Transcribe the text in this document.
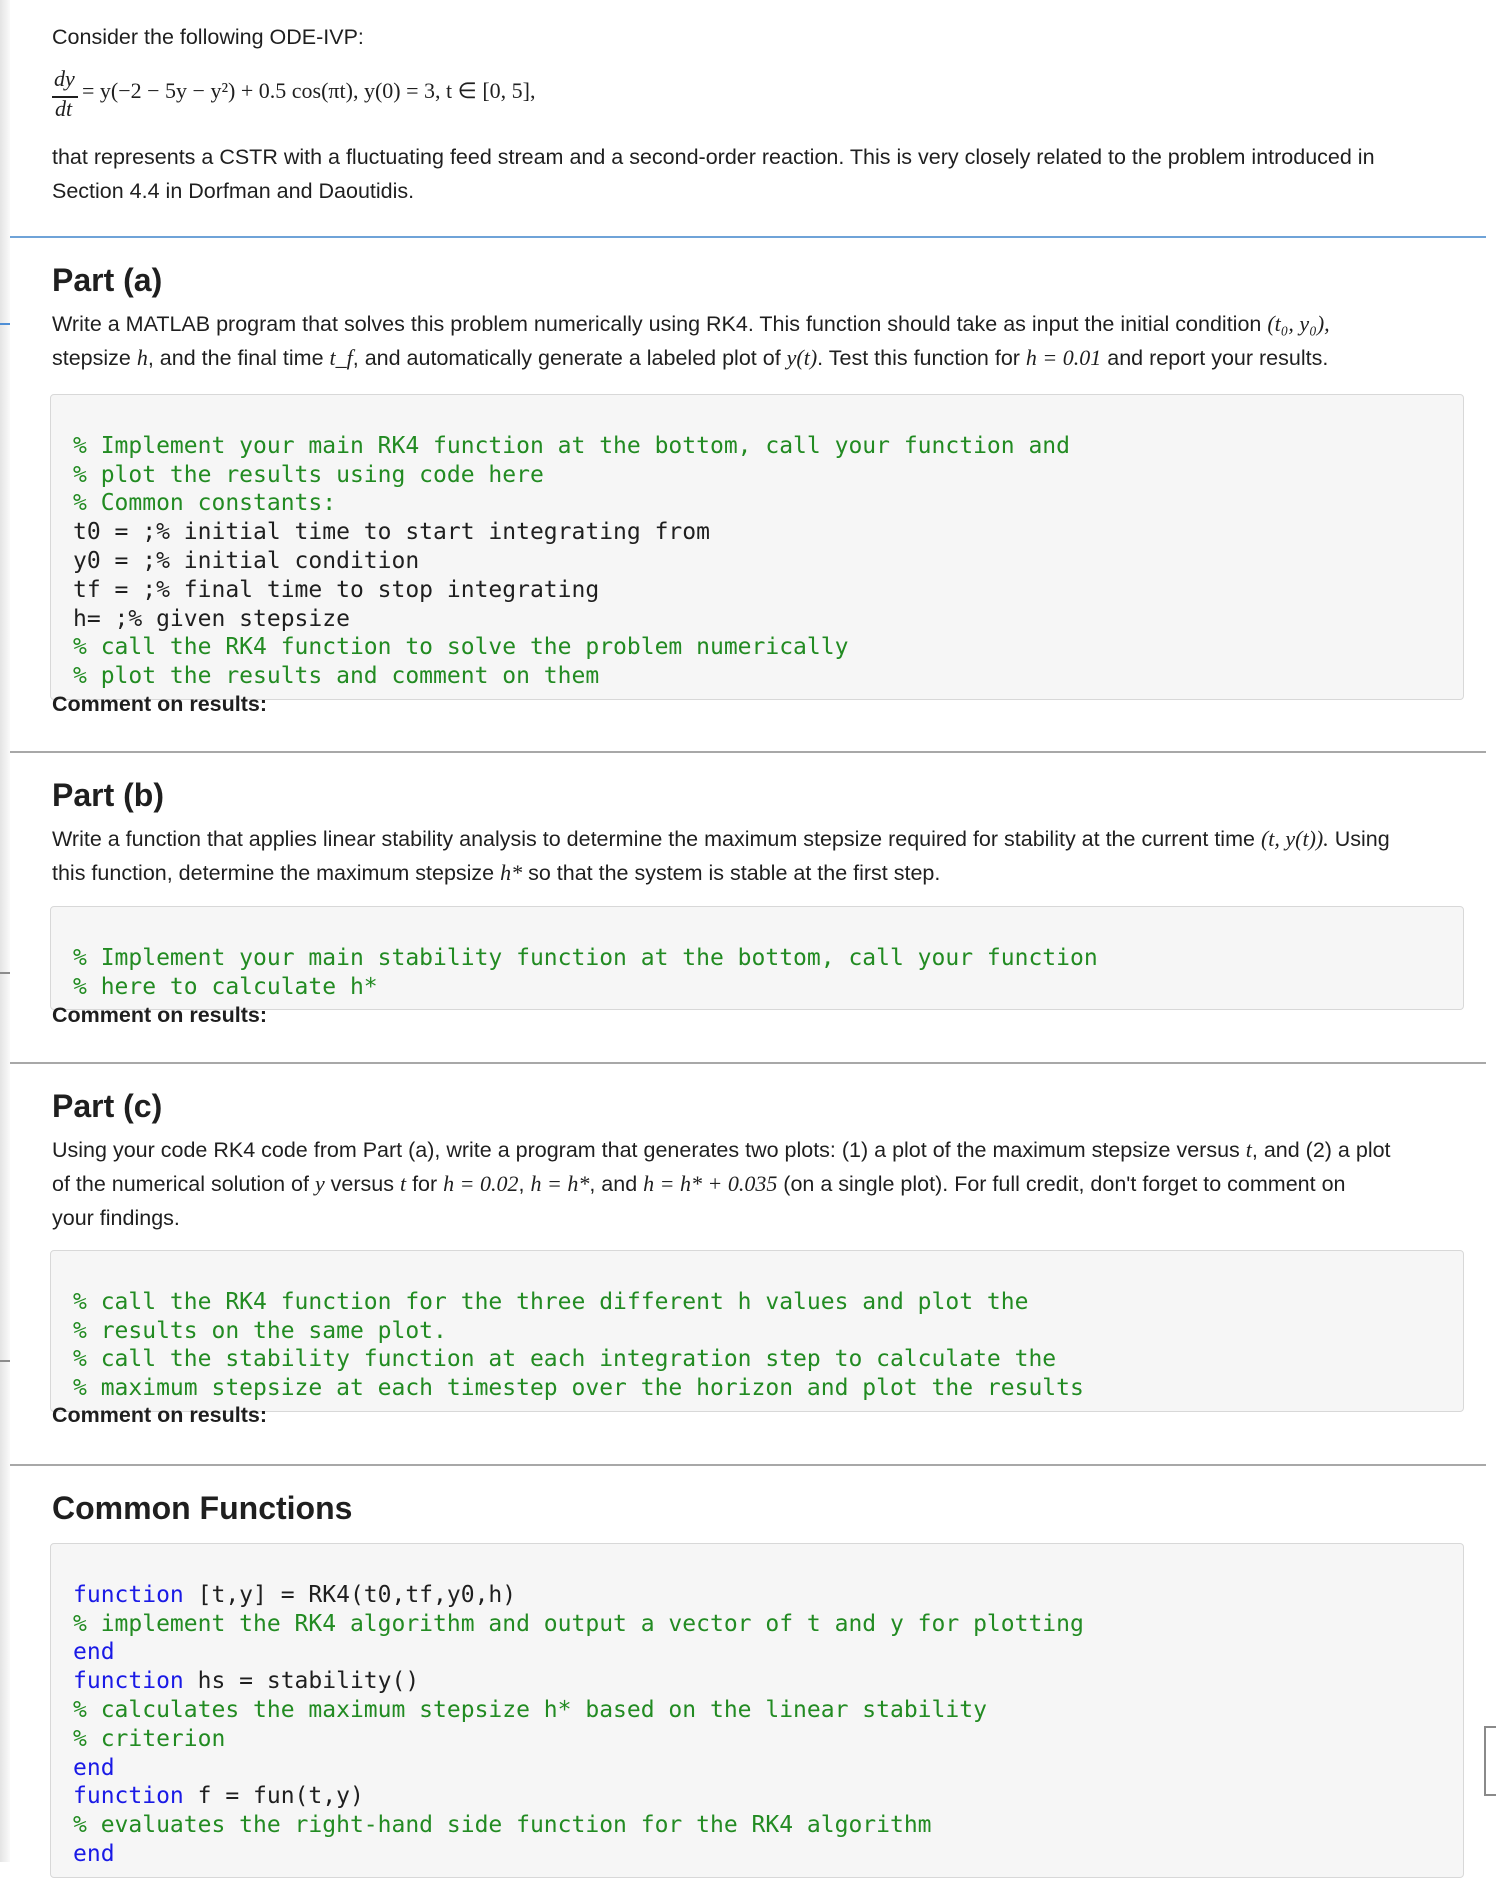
Consider the following ODE-IVP:
dy
dt
= y(−2 − 5y − y²) + 0.5 cos(πt), y(0) = 3, t ∈ [0, 5],
that represents a CSTR with a fluctuating feed stream and a second-order reaction. This is very closely related to the problem introduced in
Section 4.4 in Dorfman and Daoutidis.
Part (a)
Write a MATLAB program that solves this problem numerically using RK4. This function should take as input the initial condition (t₀, y₀),
stepsize h, and the final time t_f, and automatically generate a labeled plot of y(t). Test this function for h = 0.01 and report your results.

% Implement your main RK4 function at the bottom, call your function and
% plot the results using code here
% Common constants:
t0 = ;% initial time to start integrating from
y0 = ;% initial condition
tf = ;% final time to stop integrating
h= ;% given stepsize
% call the RK4 function to solve the problem numerically
% plot the results and comment on them
Comment on results:
Part (b)
Write a function that applies linear stability analysis to determine the maximum stepsize required for stability at the current time (t, y(t)). Using
this function, determine the maximum stepsize h* so that the system is stable at the first step.

% Implement your main stability function at the bottom, call your function
% here to calculate h*
Comment on results:
Part (c)
Using your code RK4 code from Part (a), write a program that generates two plots: (1) a plot of the maximum stepsize versus t, and (2) a plot
of the numerical solution of y versus t for h = 0.02, h = h*, and h = h* + 0.035 (on a single plot). For full credit, don't forget to comment on
your findings.

% call the RK4 function for the three different h values and plot the
% results on the same plot.
% call the stability function at each integration step to calculate the
% maximum stepsize at each timestep over the horizon and plot the results
Comment on results:
Common Functions

function [t,y] = RK4(t0,tf,y0,h)
% implement the RK4 algorithm and output a vector of t and y for plotting
end
function hs = stability()
% calculates the maximum stepsize h* based on the linear stability
% criterion
end
function f = fun(t,y)
% evaluates the right-hand side function for the RK4 algorithm
end
